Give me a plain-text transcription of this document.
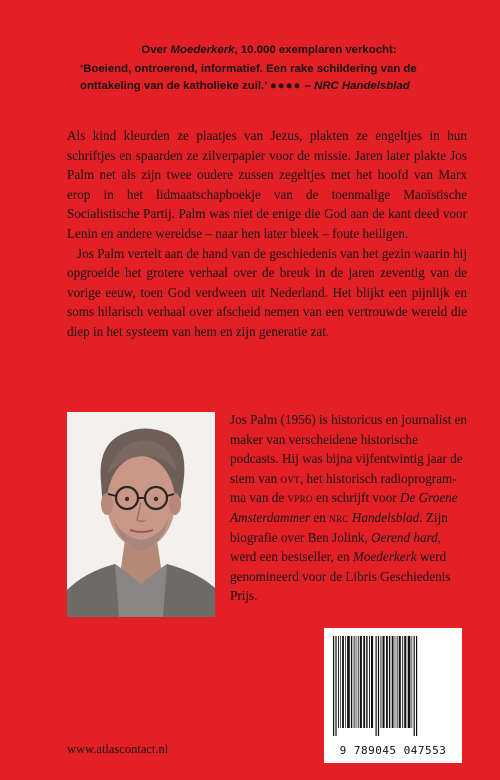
Over Moederkerk, 10.000 exemplaren verkocht:
‘Boeiend, ontroerend, informatief. Een rake schildering van de
onttakeling van de katholieke zuil.’ ●●●● – NRC Handelsblad

Als kind kleurden ze plaatjes van Jezus, plakten ze engeltjes in hun schriftjes en spaarden ze zilverpapier voor de missie. Jaren later plakte Jos Palm net als zijn twee oudere zussen zegeltjes met het hoofd van Marx erop in het lidmaatschapboekje van de toenmalige Maoïstische Socialistische Partij. Palm was niet de enige die God aan de kant deed voor Lenin en andere wereldse – naar hen later bleek – foute heiligen.

Jos Palm vertelt aan de hand van de geschiedenis van het gezin waarin hij opgroeide het grotere verhaal over de breuk in de jaren zeventig van de vorige eeuw, toen God verdween uit Nederland. Het blijkt een pijnlijk en soms hilarisch verhaal over afscheid nemen van een vertrouwde wereld die diep in het systeem van hem en zijn generatie zat.

Jos Palm (1956) is historicus en journalist en maker van verscheidene historische podcasts. Hij was bijna vijfentwintig jaar de stem van ovt, het historisch radioprogramma van de vpro en schrijft voor De Groene Amsterdammer en nrc Handelsblad. Zijn biografie over Ben Jolink, Oerend hard, werd een bestseller, en Moederkerk werd genomineerd voor de Libris Geschiedenis Prijs.

9 789045 047553
www.atlascontact.nl
